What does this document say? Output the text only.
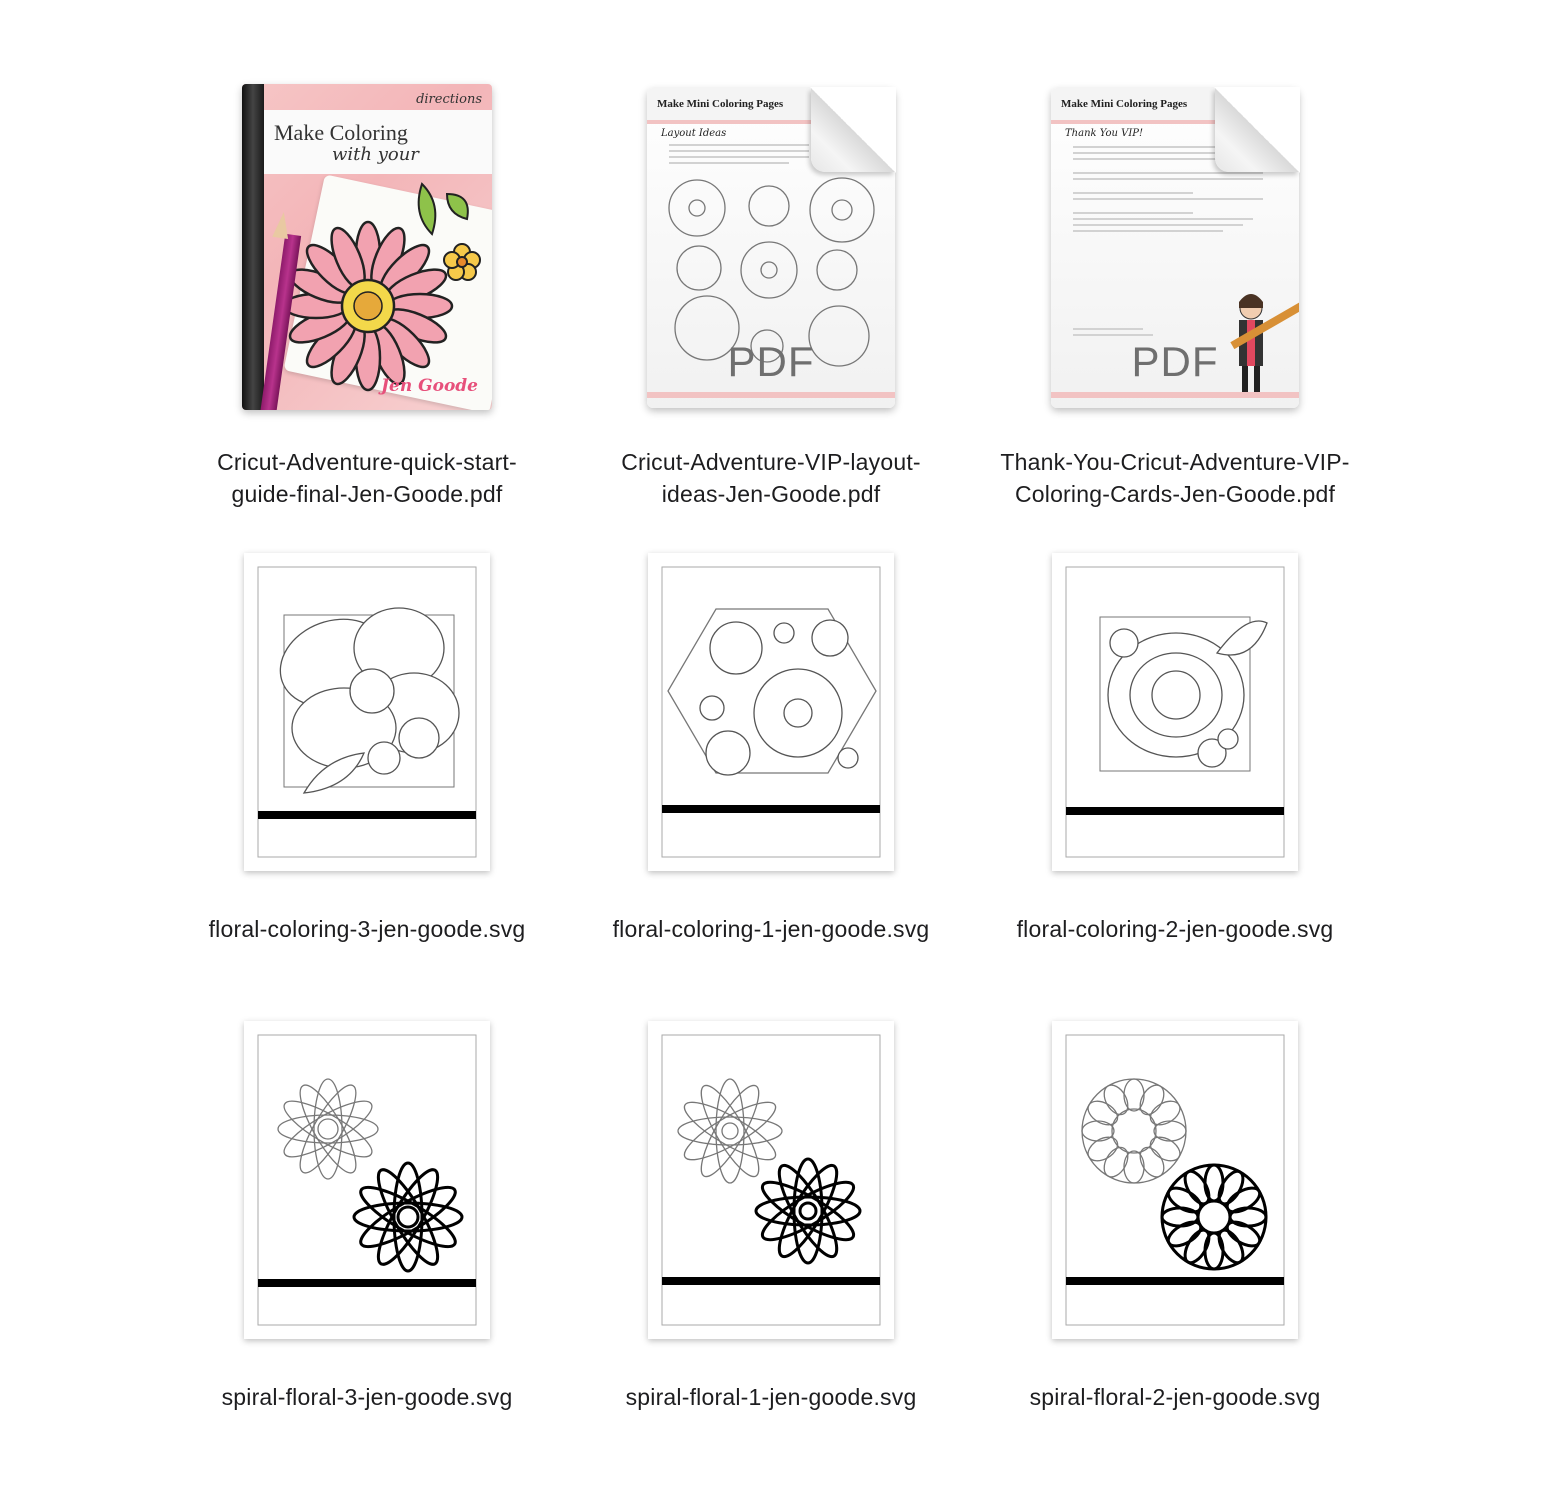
Make Coloring
with your
directions
Jen Goode
Cricut-Adventure-quick-start-
guide-final-Jen-Goode.pdf
Make Mini Coloring Pages
Layout Ideas
PDF
Cricut-Adventure-VIP-layout-
ideas-Jen-Goode.pdf
Make Mini Coloring Pages
Thank You VIP!
PDF
Thank-You-Cricut-Adventure-VIP-
Coloring-Cards-Jen-Goode.pdf
floral-coloring-3-jen-goode.svg	floral-coloring-1-jen-goode.svg	floral-coloring-2-jen-goode.svg
spiral-floral-3-jen-goode.svg	spiral-floral-1-jen-goode.svg	spiral-floral-2-jen-goode.svg
